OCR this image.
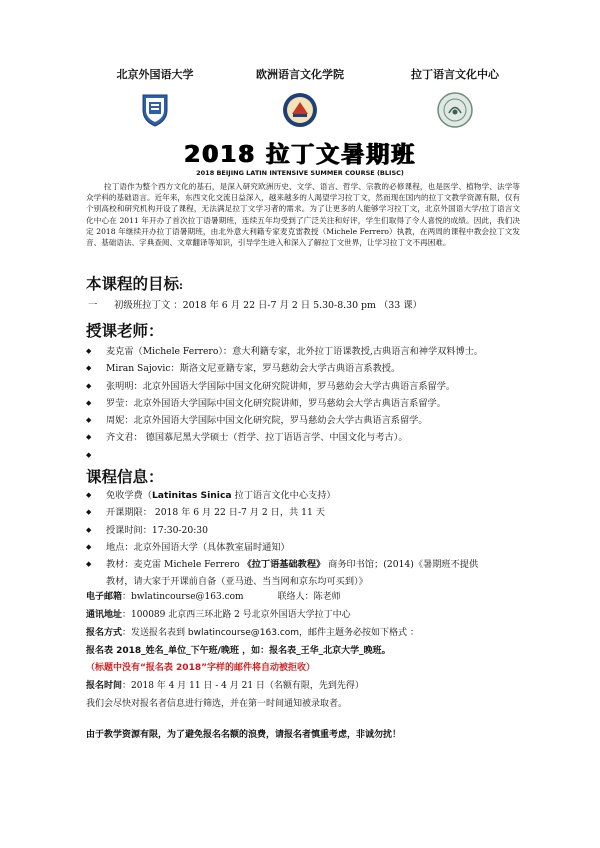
北京外国语大学	欧洲语言文化学院	拉丁语言文化中心
2018 拉丁文暑期班
2018 BEIJING LATIN INTENSIVE SUMMER COURSE (BLISC)
拉丁语作为整个西方文化的基石，是深入研究欧洲历史、文学、语言、哲学、宗教的必修课程，也是医学、植物学、法学等众学科的基础语言。近年来，东西文化交流日益深入，越来越多的人渴望学习拉丁文，然而现在国内的拉丁文教学资源有限，仅有个别高校和研究机构开设了课程，无法满足拉丁文学习者的需求。为了让更多的人能够学习拉丁文，北京外国语大学/拉丁语言文化中心在 2011 年开办了首次拉丁语暑期班，连续五年均受到了广泛关注和好评，学生们取得了令人喜悦的成绩。因此，我们决定 2018 年继续开办拉丁语暑期班，由北外意大利籍专家麦克雷教授（Michele Ferrero）执教，在两周的课程中教会拉丁文发音、基础语法、字典查阅、文章翻译等知识，引导学生进入和深入了解拉丁文世界，让学习拉丁文不再困难。
本课程的目标:
一 初级班拉丁文 ：2018 年 6 月 22 日-7 月 2 日 5.30-8.30 pm （33 课）
授课老师：
◆ 麦克雷（Michele Ferrero）：意大利籍专家，北外拉丁语课教授,古典语言和神学双料博士。
◆ Miran Sajovic：斯洛文尼亚籍专家，罗马慈幼会大学古典语言系教授。
◆ 张明明：北京外国语大学国际中国文化研究院讲师，罗马慈幼会大学古典语言系留学。
◆ 罗莹：北京外国语大学国际中国文化研究院讲师，罗马慈幼会大学古典语言系留学。
◆ 周妮：北京外国语大学国际中国文化研究院，罗马慈幼会大学古典语言系留学。
◆ 齐文君： 德国慕尼黑大学硕士（哲学、拉丁语语言学、中国文化与考古）。
◆
课程信息：
◆ 免收学费（Latinitas Sinica 拉丁语言文化中心支持）
◆ 开课期限： 2018 年 6 月 22 日-7 月 2 日，共 11 天
◆ 授课时间：17:30-20:30
◆ 地点：北京外国语大学（具体教室届时通知）
◆ 教材：麦克雷 Michele Ferrero 《拉丁语基础教程》 商务印书馆；(2014)《暑期班不提供
教材，请大家于开课前自备（亚马逊、当当网和京东均可买到）》
电子邮箱：bwlatincourse@163.com	联络人：陈老师
通讯地址：100089 北京西三环北路 2 号北京外国语大学拉丁中心
报名方式：发送报名表到 bwlatincourse@163.com，邮件主题务必按如下格式 ：
报名表 2018_姓名_单位_下午班/晚班 ，如：报名表_王华_北京大学_晚班。
（标题中没有“报名表 2018”字样的邮件将自动被拒收）
报名时间：2018 年 4 月 11 日 - 4 月 21 日（名额有限，先到先得）
我们会尽快对报名者信息进行筛选，并在第一时间通知被录取者。
由于教学资源有限，为了避免报名名额的浪费，请报名者慎重考虑，非诚勿扰！
